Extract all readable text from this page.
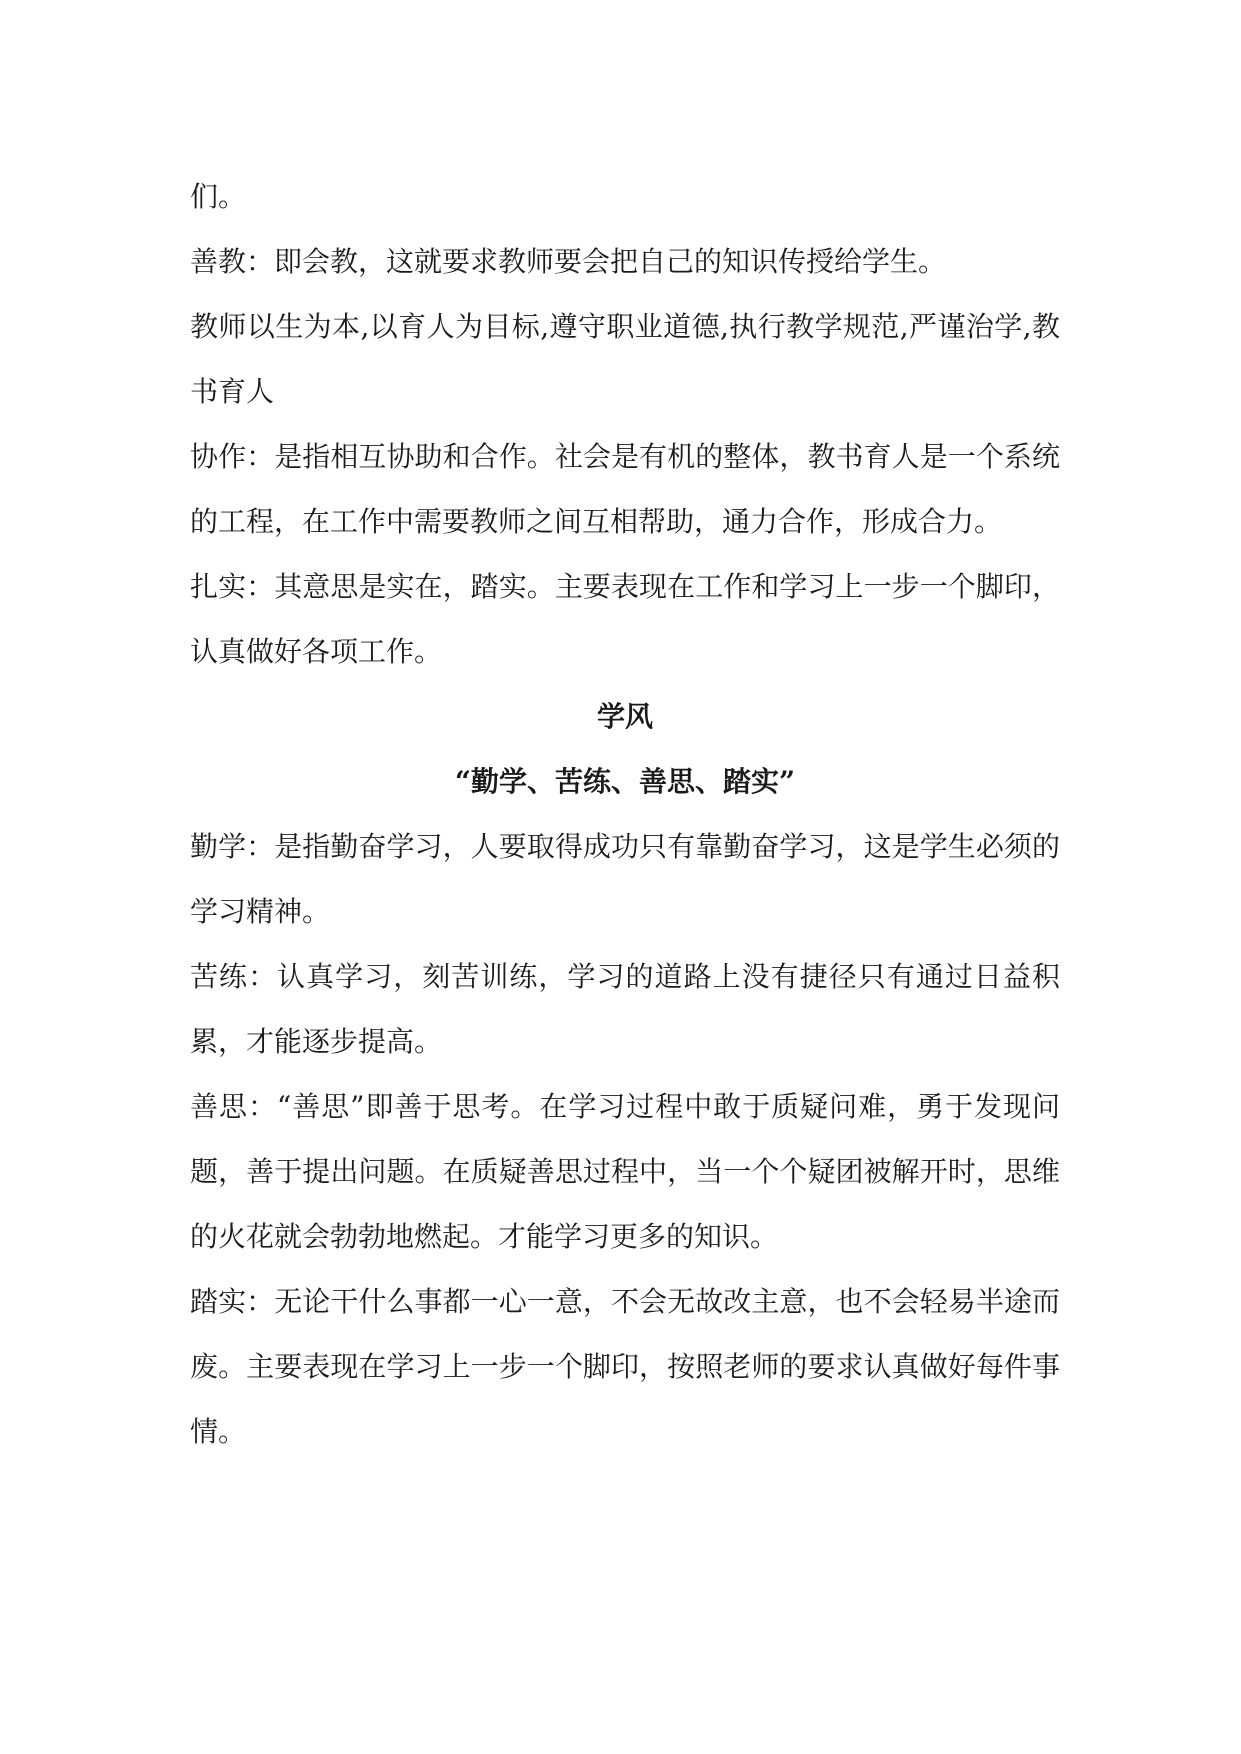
们。

善教：即会教，这就要求教师要会把自己的知识传授给学生。

教师以生为本,以育人为目标,遵守职业道德,执行教学规范,严谨治学,教书育人

协作：是指相互协助和合作。社会是有机的整体，教书育人是一个系统的工程，在工作中需要教师之间互相帮助，通力合作，形成合力。

扎实：其意思是实在，踏实。主要表现在工作和学习上一步一个脚印，认真做好各项工作。

学风

“勤学、苦练、善思、踏实”

勤学：是指勤奋学习，人要取得成功只有靠勤奋学习，这是学生必须的学习精神。

苦练：认真学习，刻苦训练，学习的道路上没有捷径只有通过日益积累，才能逐步提高。

善思：“善思”即善于思考。在学习过程中敢于质疑问难，勇于发现问题，善于提出问题。在质疑善思过程中，当一个个疑团被解开时，思维的火花就会勃勃地燃起。才能学习更多的知识。

踏实：无论干什么事都一心一意，不会无故改主意，也不会轻易半途而废。主要表现在学习上一步一个脚印，按照老师的要求认真做好每件事情。
